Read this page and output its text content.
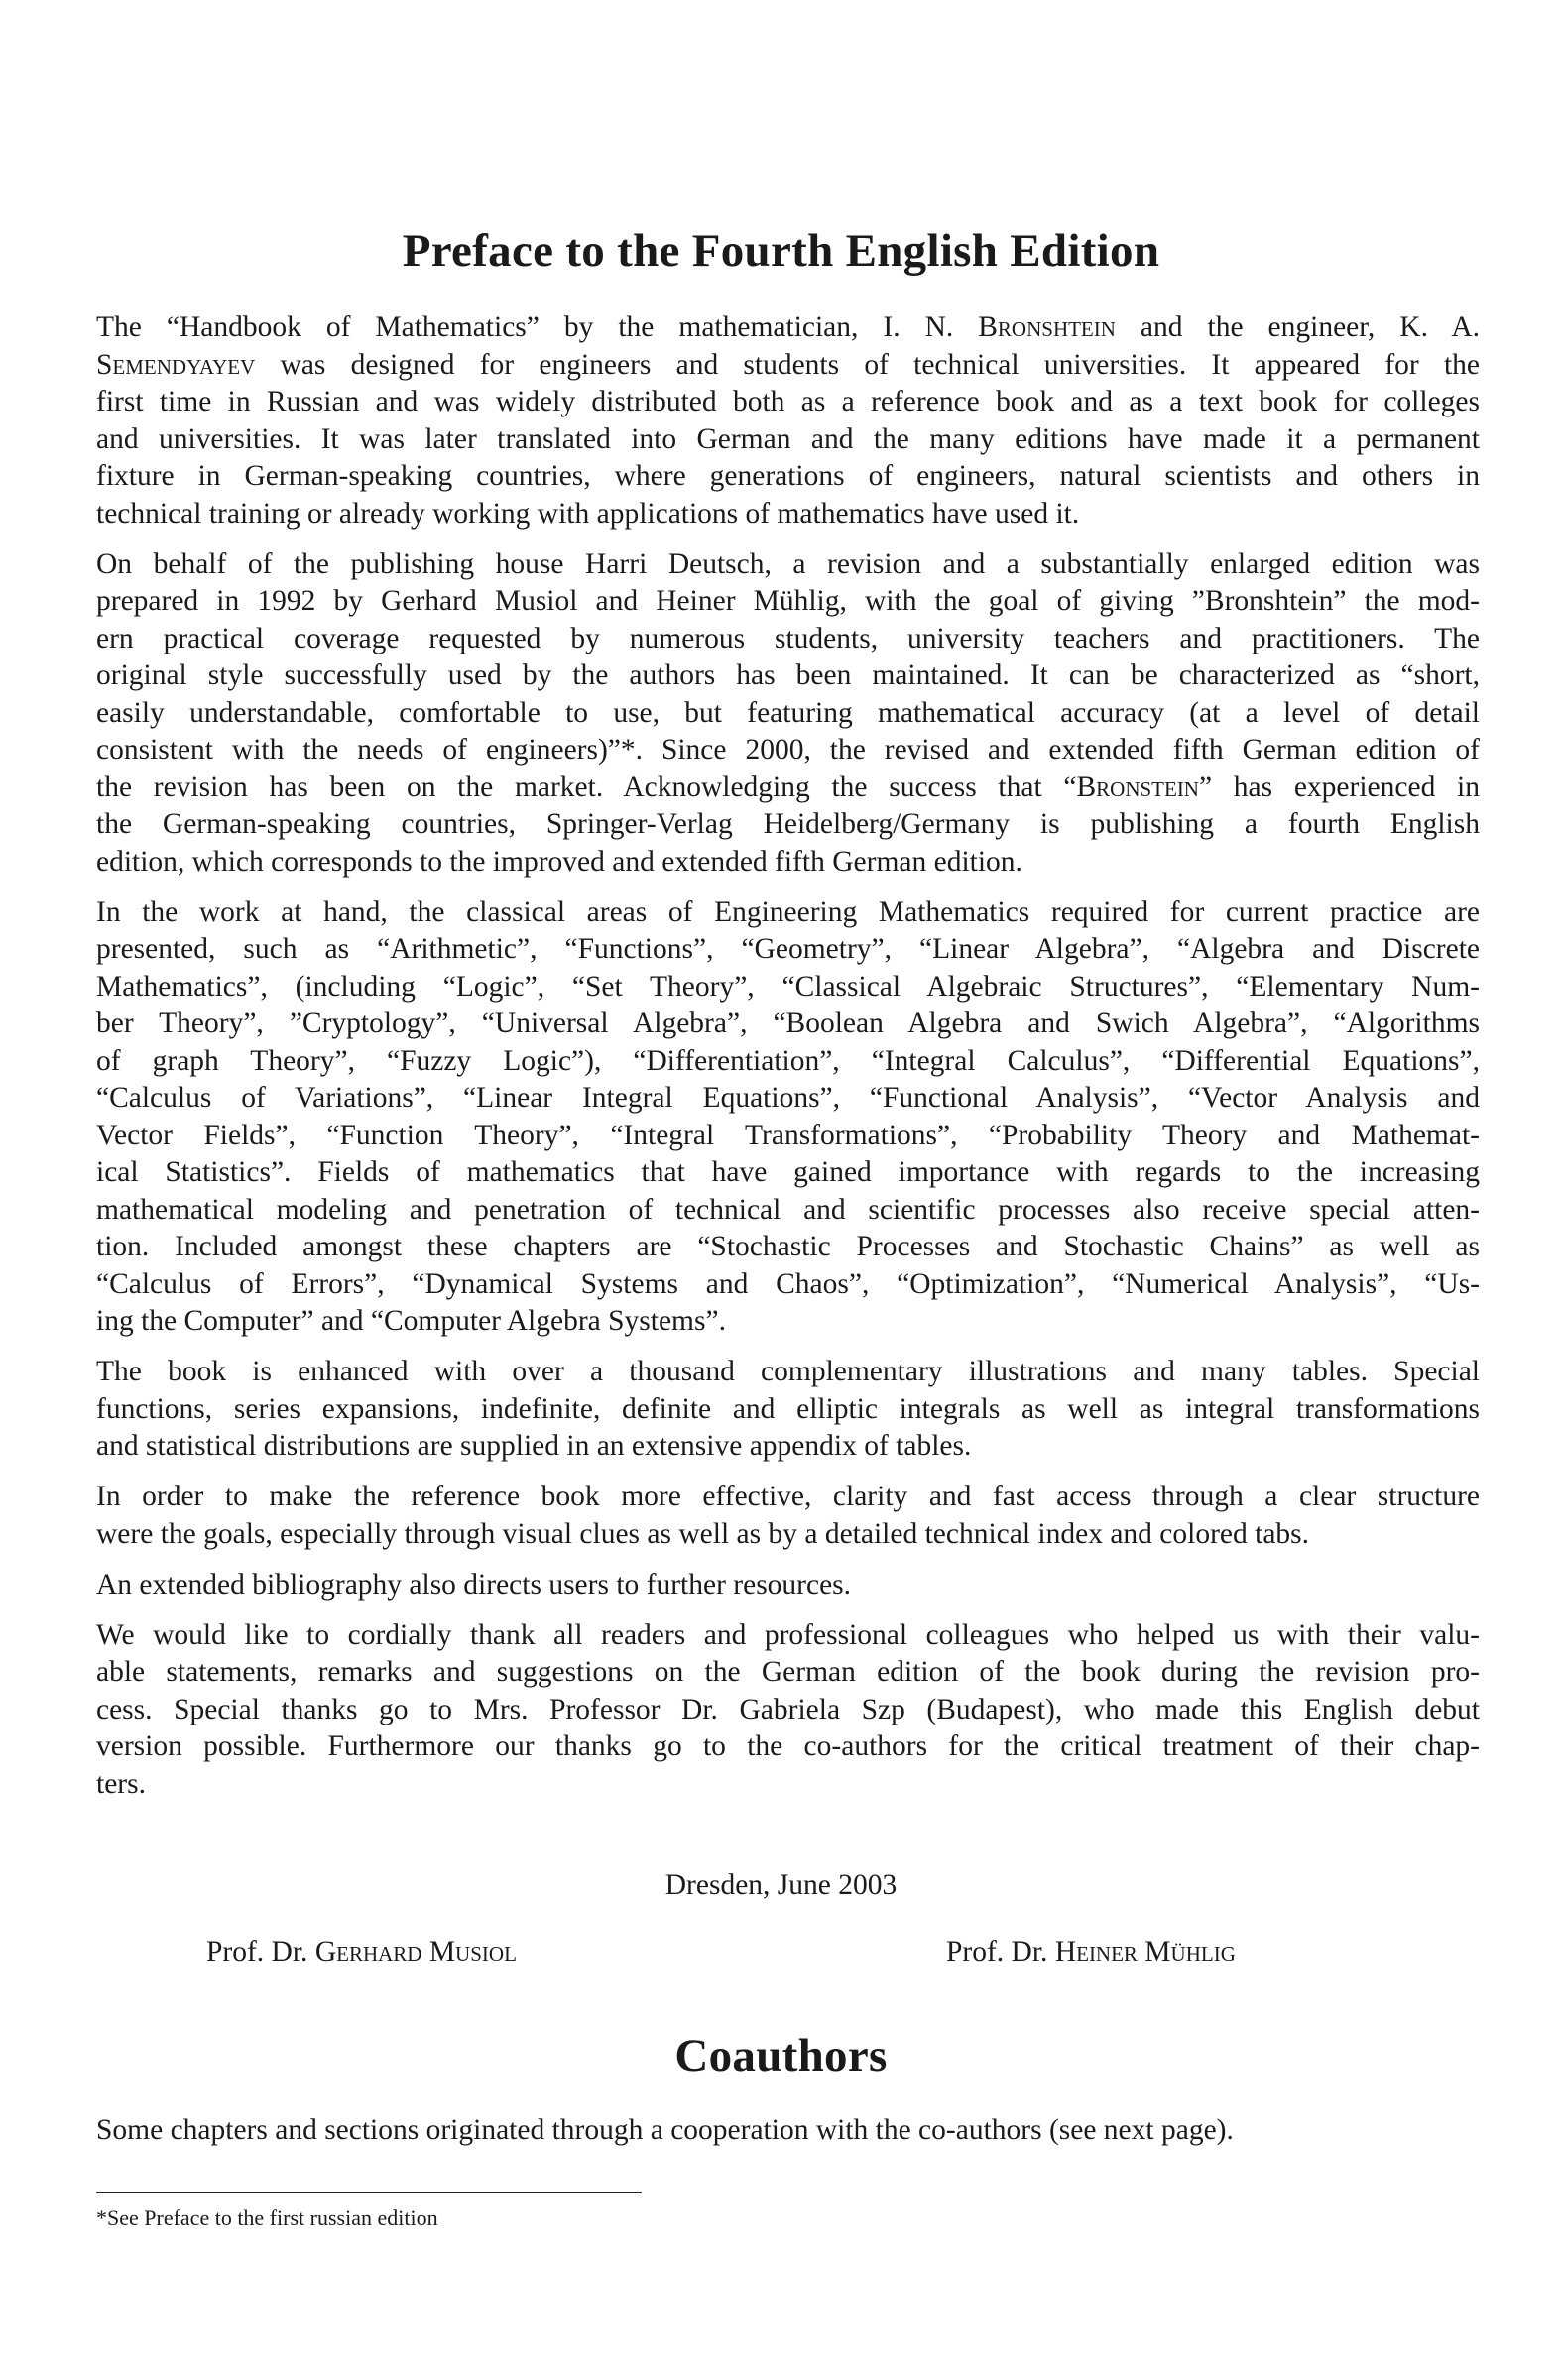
Preface to the Fourth English Edition
The “Handbook of Mathematics” by the mathematician, I. N. Bronshtein and the engineer, K. A.
Semendyayev was designed for engineers and students of technical universities. It appeared for the
first time in Russian and was widely distributed both as a reference book and as a text book for colleges
and universities. It was later translated into German and the many editions have made it a permanent
fixture in German-speaking countries, where generations of engineers, natural scientists and others in
technical training or already working with applications of mathematics have used it.
On behalf of the publishing house Harri Deutsch, a revision and a substantially enlarged edition was
prepared in 1992 by Gerhard Musiol and Heiner Mühlig, with the goal of giving ”Bronshtein” the mod-
ern practical coverage requested by numerous students, university teachers and practitioners. The
original style successfully used by the authors has been maintained. It can be characterized as “short,
easily understandable, comfortable to use, but featuring mathematical accuracy (at a level of detail
consistent with the needs of engineers)”*. Since 2000, the revised and extended fifth German edition of
the revision has been on the market. Acknowledging the success that “Bronstein” has experienced in
the German-speaking countries, Springer-Verlag Heidelberg/Germany is publishing a fourth English
edition, which corresponds to the improved and extended fifth German edition.
In the work at hand, the classical areas of Engineering Mathematics required for current practice are
presented, such as “Arithmetic”, “Functions”, “Geometry”, “Linear Algebra”, “Algebra and Discrete
Mathematics”, (including “Logic”, “Set Theory”, “Classical Algebraic Structures”, “Elementary Num-
ber Theory”, ”Cryptology”, “Universal Algebra”, “Boolean Algebra and Swich Algebra”, “Algorithms
of graph Theory”, “Fuzzy Logic”), “Differentiation”, “Integral Calculus”, “Differential Equations”,
“Calculus of Variations”, “Linear Integral Equations”, “Functional Analysis”, “Vector Analysis and
Vector Fields”, “Function Theory”, “Integral Transformations”, “Probability Theory and Mathemat-
ical Statistics”. Fields of mathematics that have gained importance with regards to the increasing
mathematical modeling and penetration of technical and scientific processes also receive special atten-
tion. Included amongst these chapters are “Stochastic Processes and Stochastic Chains” as well as
“Calculus of Errors”, “Dynamical Systems and Chaos”, “Optimization”, “Numerical Analysis”, “Us-
ing the Computer” and “Computer Algebra Systems”.
The book is enhanced with over a thousand complementary illustrations and many tables. Special
functions, series expansions, indefinite, definite and elliptic integrals as well as integral transformations
and statistical distributions are supplied in an extensive appendix of tables.
In order to make the reference book more effective, clarity and fast access through a clear structure
were the goals, especially through visual clues as well as by a detailed technical index and colored tabs.
An extended bibliography also directs users to further resources.
We would like to cordially thank all readers and professional colleagues who helped us with their valu-
able statements, remarks and suggestions on the German edition of the book during the revision pro-
cess. Special thanks go to Mrs. Professor Dr. Gabriela Szp (Budapest), who made this English debut
version possible. Furthermore our thanks go to the co-authors for the critical treatment of their chap-
ters.
Dresden, June 2003
Prof. Dr. Gerhard Musiol	Prof. Dr. Heiner Mühlig
Coauthors
Some chapters and sections originated through a cooperation with the co-authors (see next page).
*See Preface to the first russian edition
